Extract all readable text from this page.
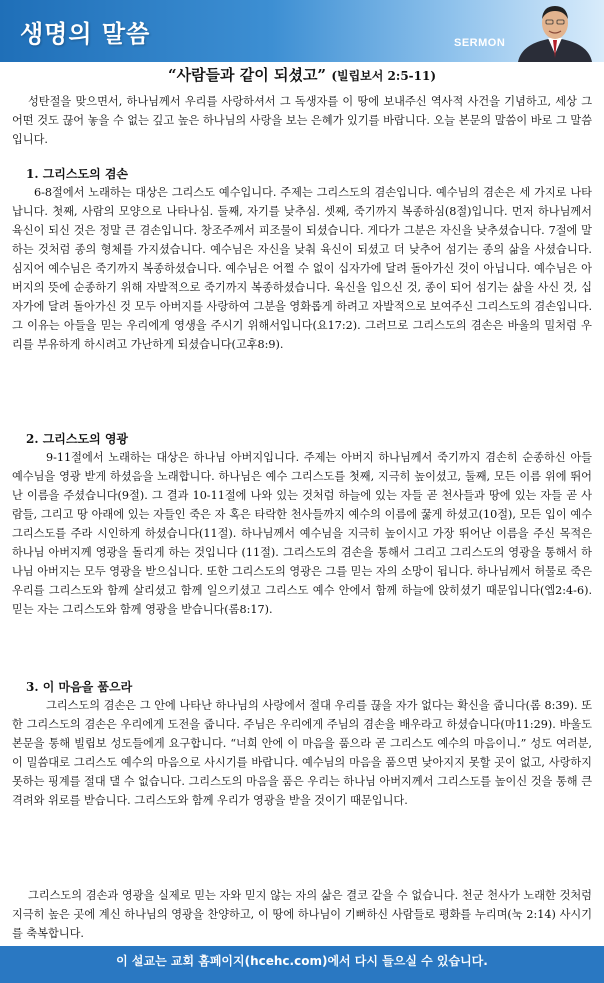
생명의 말씀	SERMON
“사람들과 같이 되셨고” (빌립보서 2:5-11)
성탄절을 맞으면서, 하나님께서 우리를 사랑하셔서 그 독생자를 이 땅에 보내주신 역사적 사건을 기념하고, 세상 그 어떤 것도 끊어 놓을 수 없는 깊고 높은 하나님의 사랑을 보는 은혜가 있기를 바랍니다. 오늘 본문의 말씀이 바로 그 말씀입니다.
1. 그리스도의 겸손
6-8절에서 노래하는 대상은 그리스도 예수입니다. 주제는 그리스도의 겸손입니다. 예수님의 겸손은 세 가지로 나타납니다. 첫째, 사람의 모양으로 나타나심. 둘째, 자기를 낮추심. 셋째, 죽기까지 복종하심(8절)입니다. 먼저 하나님께서 육신이 되신 것은 정말 큰 겸손입니다. 창조주께서 피조물이 되셨습니다. 게다가 그분은 자신을 낮추셨습니다. 7절에 말하는 것처럼 종의 형체를 가지셨습니다. 예수님은 자신을 낮춰 육신이 되셨고 더 낮추어 섬기는 종의 삶을 사셨습니다. 심지어 예수님은 죽기까지 복종하셨습니다. 예수님은 어쩔 수 없이 십자가에 달려 돌아가신 것이 아닙니다. 예수님은 아버지의 뜻에 순종하기 위해 자발적으로 죽기까지 복종하셨습니다. 육신을 입으신 것, 종이 되어 섬기는 삶을 사신 것, 십자가에 달려 돌아가신 것 모두 아버지를 사랑하여 그분을 영화롭게 하려고 자발적으로 보여주신 그리스도의 겸손입니다. 그 이유는 아들을 믿는 우리에게 영생을 주시기 위해서입니다(요17:2). 그러므로 그리스도의 겸손은 바울의 밀처럼 우리를 부유하게 하시려고 가난하게 되셨습니다(고후8:9).
2. 그리스도의 영광
9-11절에서 노래하는 대상은 하나님 아버지입니다. 주제는 아버지 하나님께서 죽기까지 겸손히 순종하신 아들 예수님을 영광 받게 하셨음을 노래합니다. 하나님은 예수 그리스도를 첫째, 지극히 높이셨고, 둘째, 모든 이름 위에 뛰어난 이름을 주셨습니다(9절). 그 결과 10-11절에 나와 있는 것처럼 하늘에 있는 자들 곧 천사들과 땅에 있는 자들 곧 사람들, 그리고 땅 아래에 있는 자들인 죽은 자 혹은 타락한 천사들까지 예수의 이름에 꿇게 하셨고(10절), 모든 입이 예수 그리스도를 주라 시인하게 하셨습니다(11절). 하나님께서 예수님을 지극히 높이시고 가장 뛰어난 이름을 주신 목적은 하나님 아버지께 영광을 돌리게 하는 것입니다 (11절). 그리스도의 겸손을 통해서 그리고 그리스도의 영광을 통해서 하나님 아버지는 모두 영광을 받으십니다. 또한 그리스도의 영광은 그를 믿는 자의 소망이 됩니다. 하나님께서 허물로 죽은 우리를 그리스도와 함께 살리셨고 함께 일으키셨고 그리스도 예수 안에서 함께 하늘에 앉히셨기 때문입니다(엡2:4-6). 믿는 자는 그리스도와 함께 영광을 받습니다(롬8:17).
3. 이 마음을 품으라
그리스도의 겸손은 그 안에 나타난 하나님의 사랑에서 절대 우리를 끊을 자가 없다는 확신을 줍니다(롬 8:39). 또한 그리스도의 겸손은 우리에게 도전을 줍니다. 주님은 우리에게 주님의 겸손을 배우라고 하셨습니다(마11:29). 바울도 본문을 통해 빌립보 성도들에게 요구합니다. “너희 안에 이 마음을 품으라 곧 그리스도 예수의 마음이니.” 성도 여러분, 이 밀씀대로 그리스도 예수의 마음으로 사시기를 바랍니다. 예수님의 마음을 품으면 낮아지지 못할 곳이 없고, 사랑하지 못하는 핑계를 절대 댈 수 없습니다. 그리스도의 마음을 품은 우리는 하나님 아버지께서 그리스도를 높이신 것을 통해 큰 격려와 위로를 받습니다. 그리스도와 함께 우리가 영광을 받을 것이기 때문입니다.
그리스도의 겸손과 영광을 실제로 믿는 자와 믿지 않는 자의 삶은 결코 같을 수 없습니다. 천군 천사가 노래한 것처럼 지극히 높은 곳에 계신 하나님의 영광을 찬양하고, 이 땅에 하나님이 기뻐하신 사람들로 평화를 누리며(눅 2:14) 사시기를 축복합니다.
이 설교는 교회 홈페이지(hcehc.com)에서 다시 들으실 수 있습니다.
